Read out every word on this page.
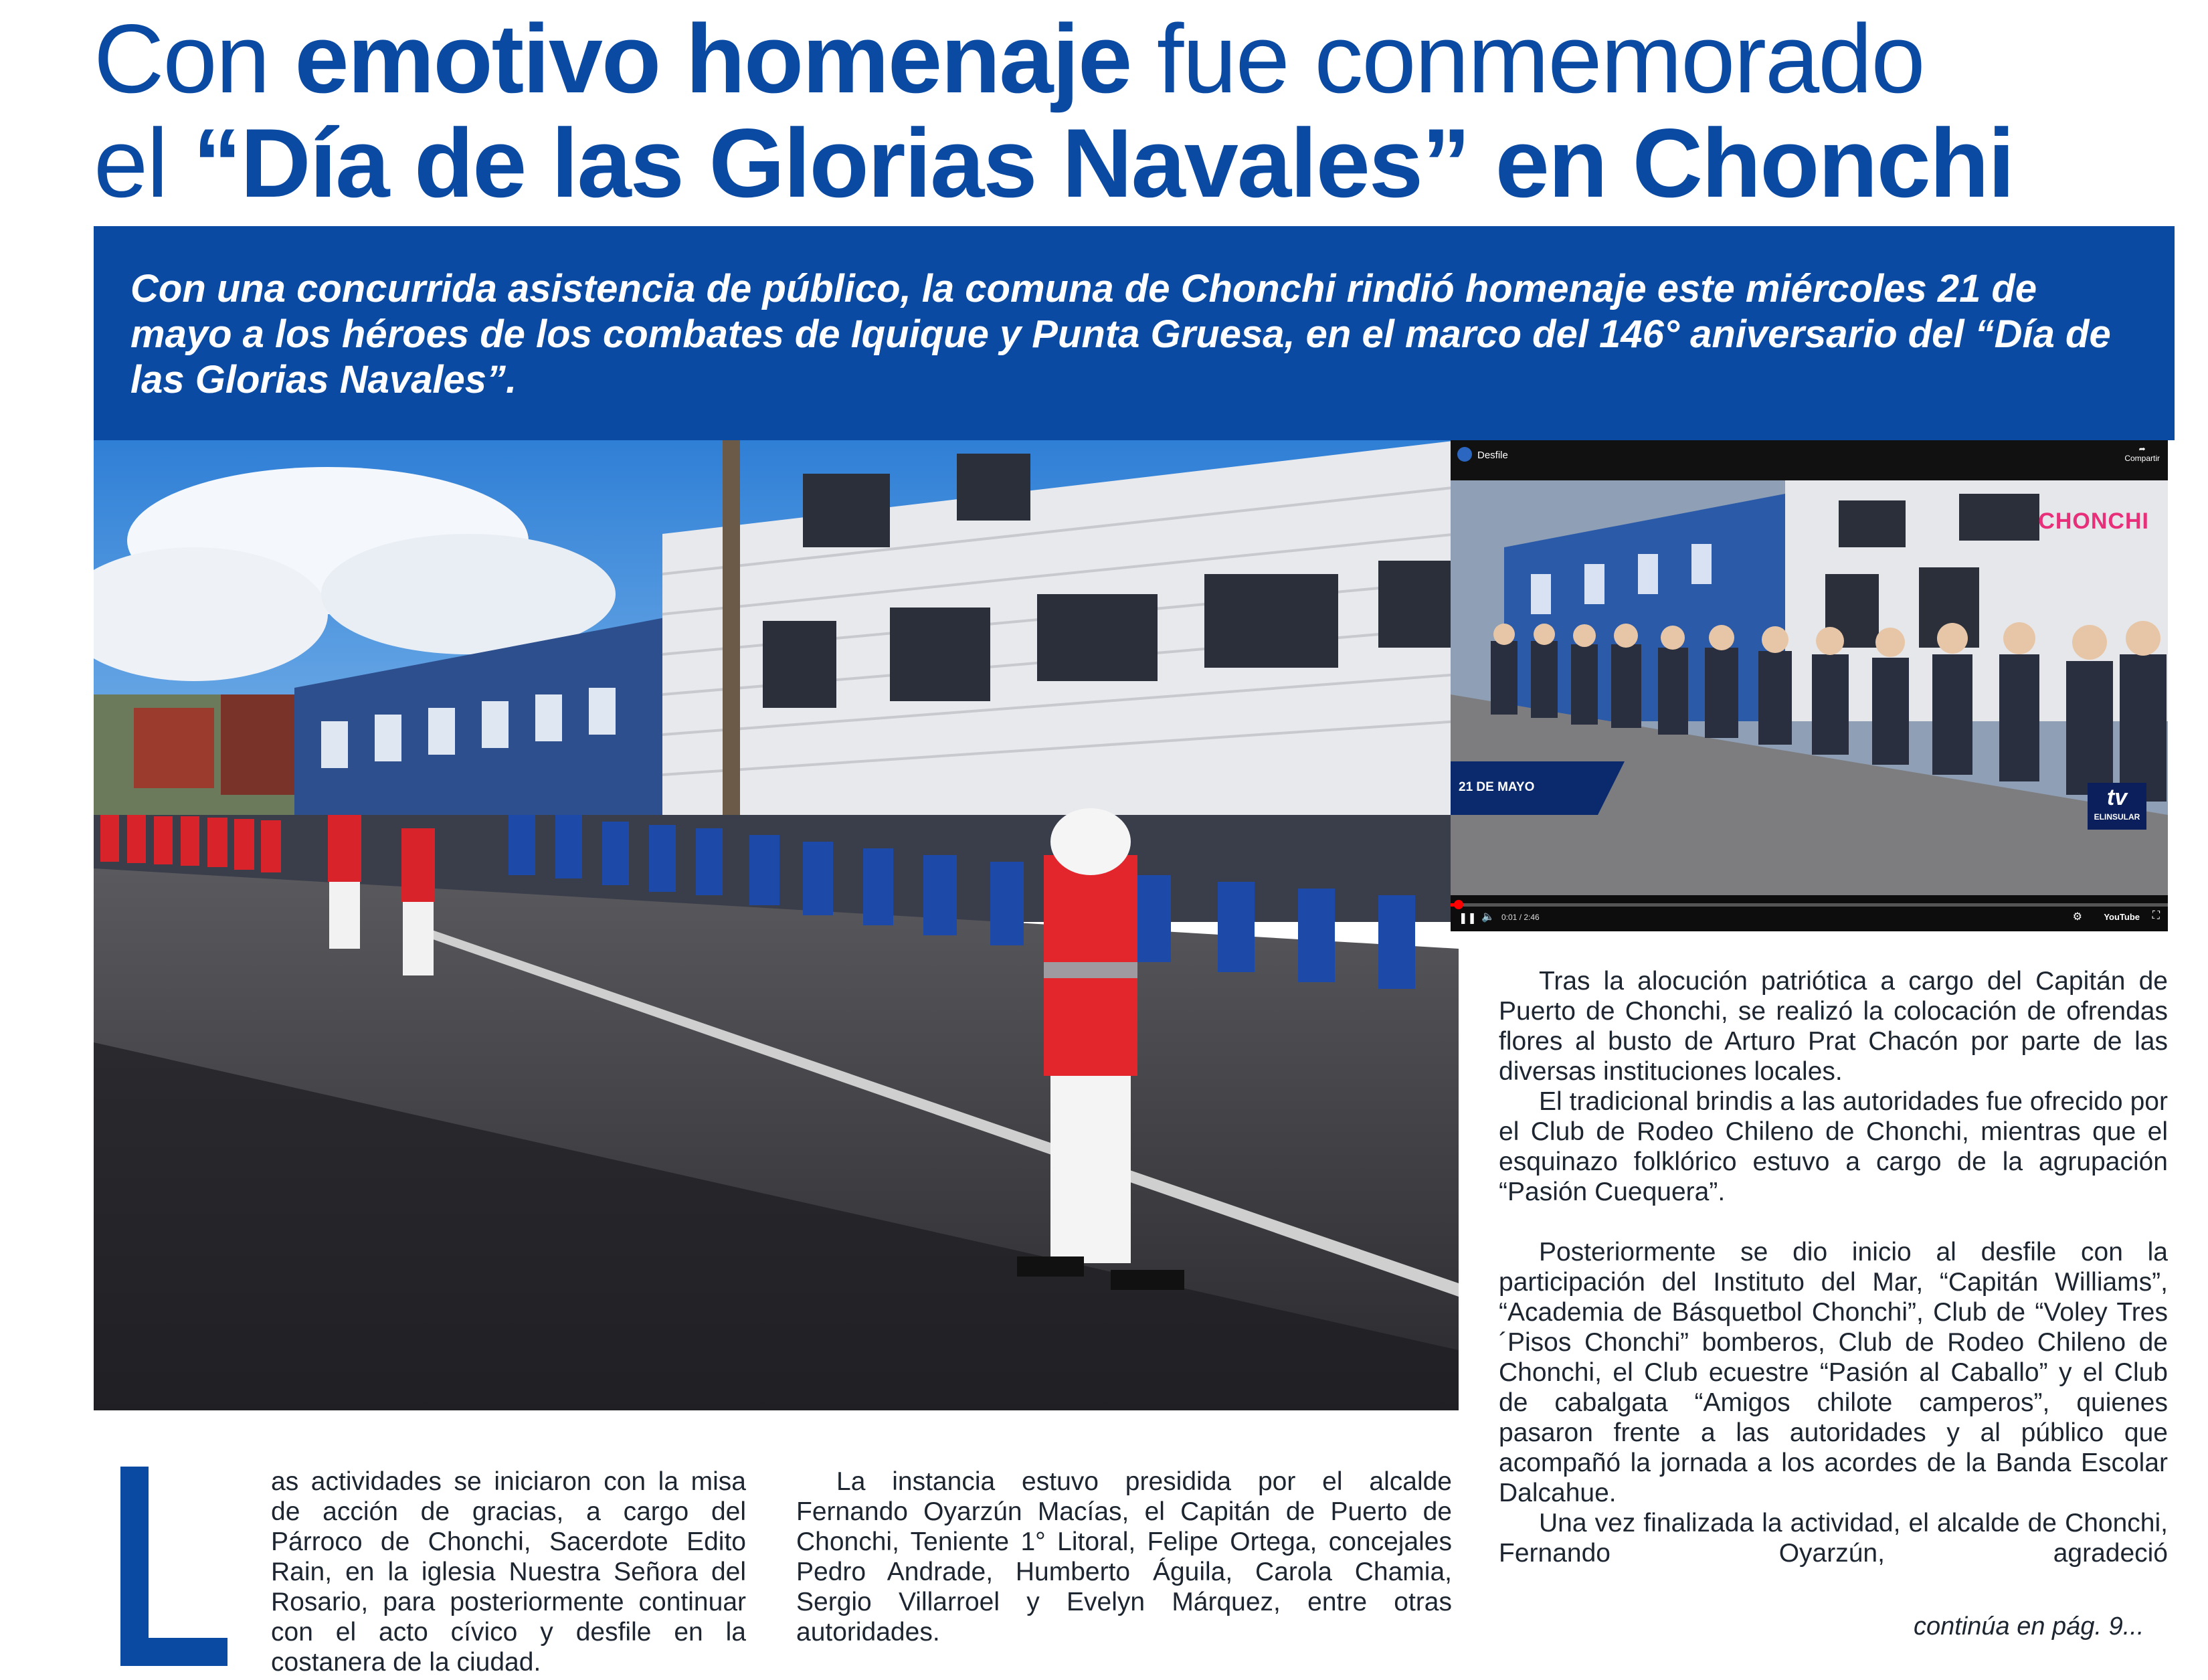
Con emotivo homenaje fue conmemorado
el “Día de las Glorias Navales” en Chonchi
Con una concurrida asistencia de público, la comuna de Chonchi rindió homenaje este miércoles 21 de mayo a los héroes de los combates de Iquique y Punta Gruesa, en el marco del 146° aniversario del “Día de las Glorias Navales”.
Desfile
➦
Compartir
CHONCHI
21 DE MAYO	tv
ELINSULAR
❚❚ 🔈 0:01 / 2:46	⚙ YouTube ⛶
as actividades se iniciaron con la misa de acción de gracias, a cargo del Párroco de Chonchi, Sacerdote Edito Rain, en la iglesia Nuestra Señora del Rosario, para posteriormente continuar con el acto cívico y desfile en la costanera de la ciudad.

La instancia estuvo presidida por el alcalde Fernando Oyarzún Macías, el Capitán de Puerto de Chonchi, Teniente 1° Litoral, Felipe Ortega, concejales Pedro Andrade, Humberto Águila, Carola Chamia, Sergio Villarroel y Evelyn Márquez, entre otras autoridades.

Tras la alocución patriótica a cargo del Capitán de Puerto de Chonchi, se realizó la colocación de ofrendas flores al busto de Arturo Prat Chacón por parte de las diversas instituciones locales.

El tradicional brindis a las autoridades fue ofrecido por el Club de Rodeo Chileno de Chonchi, mientras que el esquinazo folklórico estuvo a cargo de la agrupación “Pasión Cuequera”.

Posteriormente se dio inicio al desfile con la participación del Instituto del Mar, “Capitán Williams”, “Academia de Básquetbol Chonchi”, Club de “Voley Tres ´Pisos Chonchi” bomberos, Club de Rodeo Chileno de Chonchi, el Club ecuestre “Pasión al Caballo” y el Club de cabalgata “Amigos chilote camperos”, quienes pasaron frente a las autoridades y al público que acompañó la jornada a los acordes de la Banda Escolar Dalcahue.

Una vez finalizada la actividad, el alcalde de Chonchi, Fernando Oyarzún, agradeció

continúa en pág. 9...
